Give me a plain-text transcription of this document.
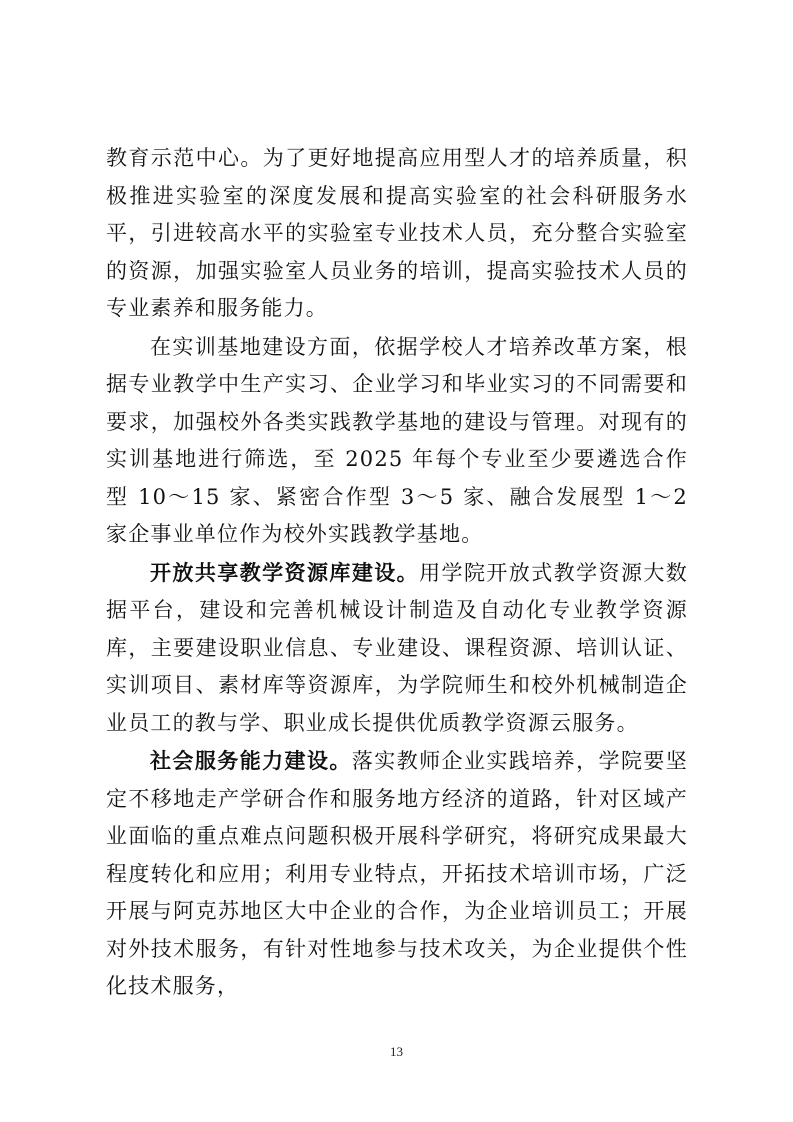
教育示范中心。为了更好地提高应用型人才的培养质量，积极推进实验室的深度发展和提高实验室的社会科研服务水平，引进较高水平的实验室专业技术人员，充分整合实验室的资源，加强实验室人员业务的培训，提高实验技术人员的专业素养和服务能力。

在实训基地建设方面，依据学校人才培养改革方案，根据专业教学中生产实习、企业学习和毕业实习的不同需要和要求，加强校外各类实践教学基地的建设与管理。对现有的实训基地进行筛选，至 2025 年每个专业至少要遴选合作型 10～15 家、紧密合作型 3～5 家、融合发展型 1～2 家企事业单位作为校外实践教学基地。

开放共享教学资源库建设。用学院开放式教学资源大数据平台，建设和完善机械设计制造及自动化专业教学资源库，主要建设职业信息、专业建设、课程资源、培训认证、实训项目、素材库等资源库，为学院师生和校外机械制造企业员工的教与学、职业成长提供优质教学资源云服务。

社会服务能力建设。落实教师企业实践培养，学院要坚定不移地走产学研合作和服务地方经济的道路，针对区域产业面临的重点难点问题积极开展科学研究，将研究成果最大程度转化和应用；利用专业特点，开拓技术培训市场，广泛开展与阿克苏地区大中企业的合作，为企业培训员工；开展对外技术服务，有针对性地参与技术攻关，为企业提供个性化技术服务，

13
